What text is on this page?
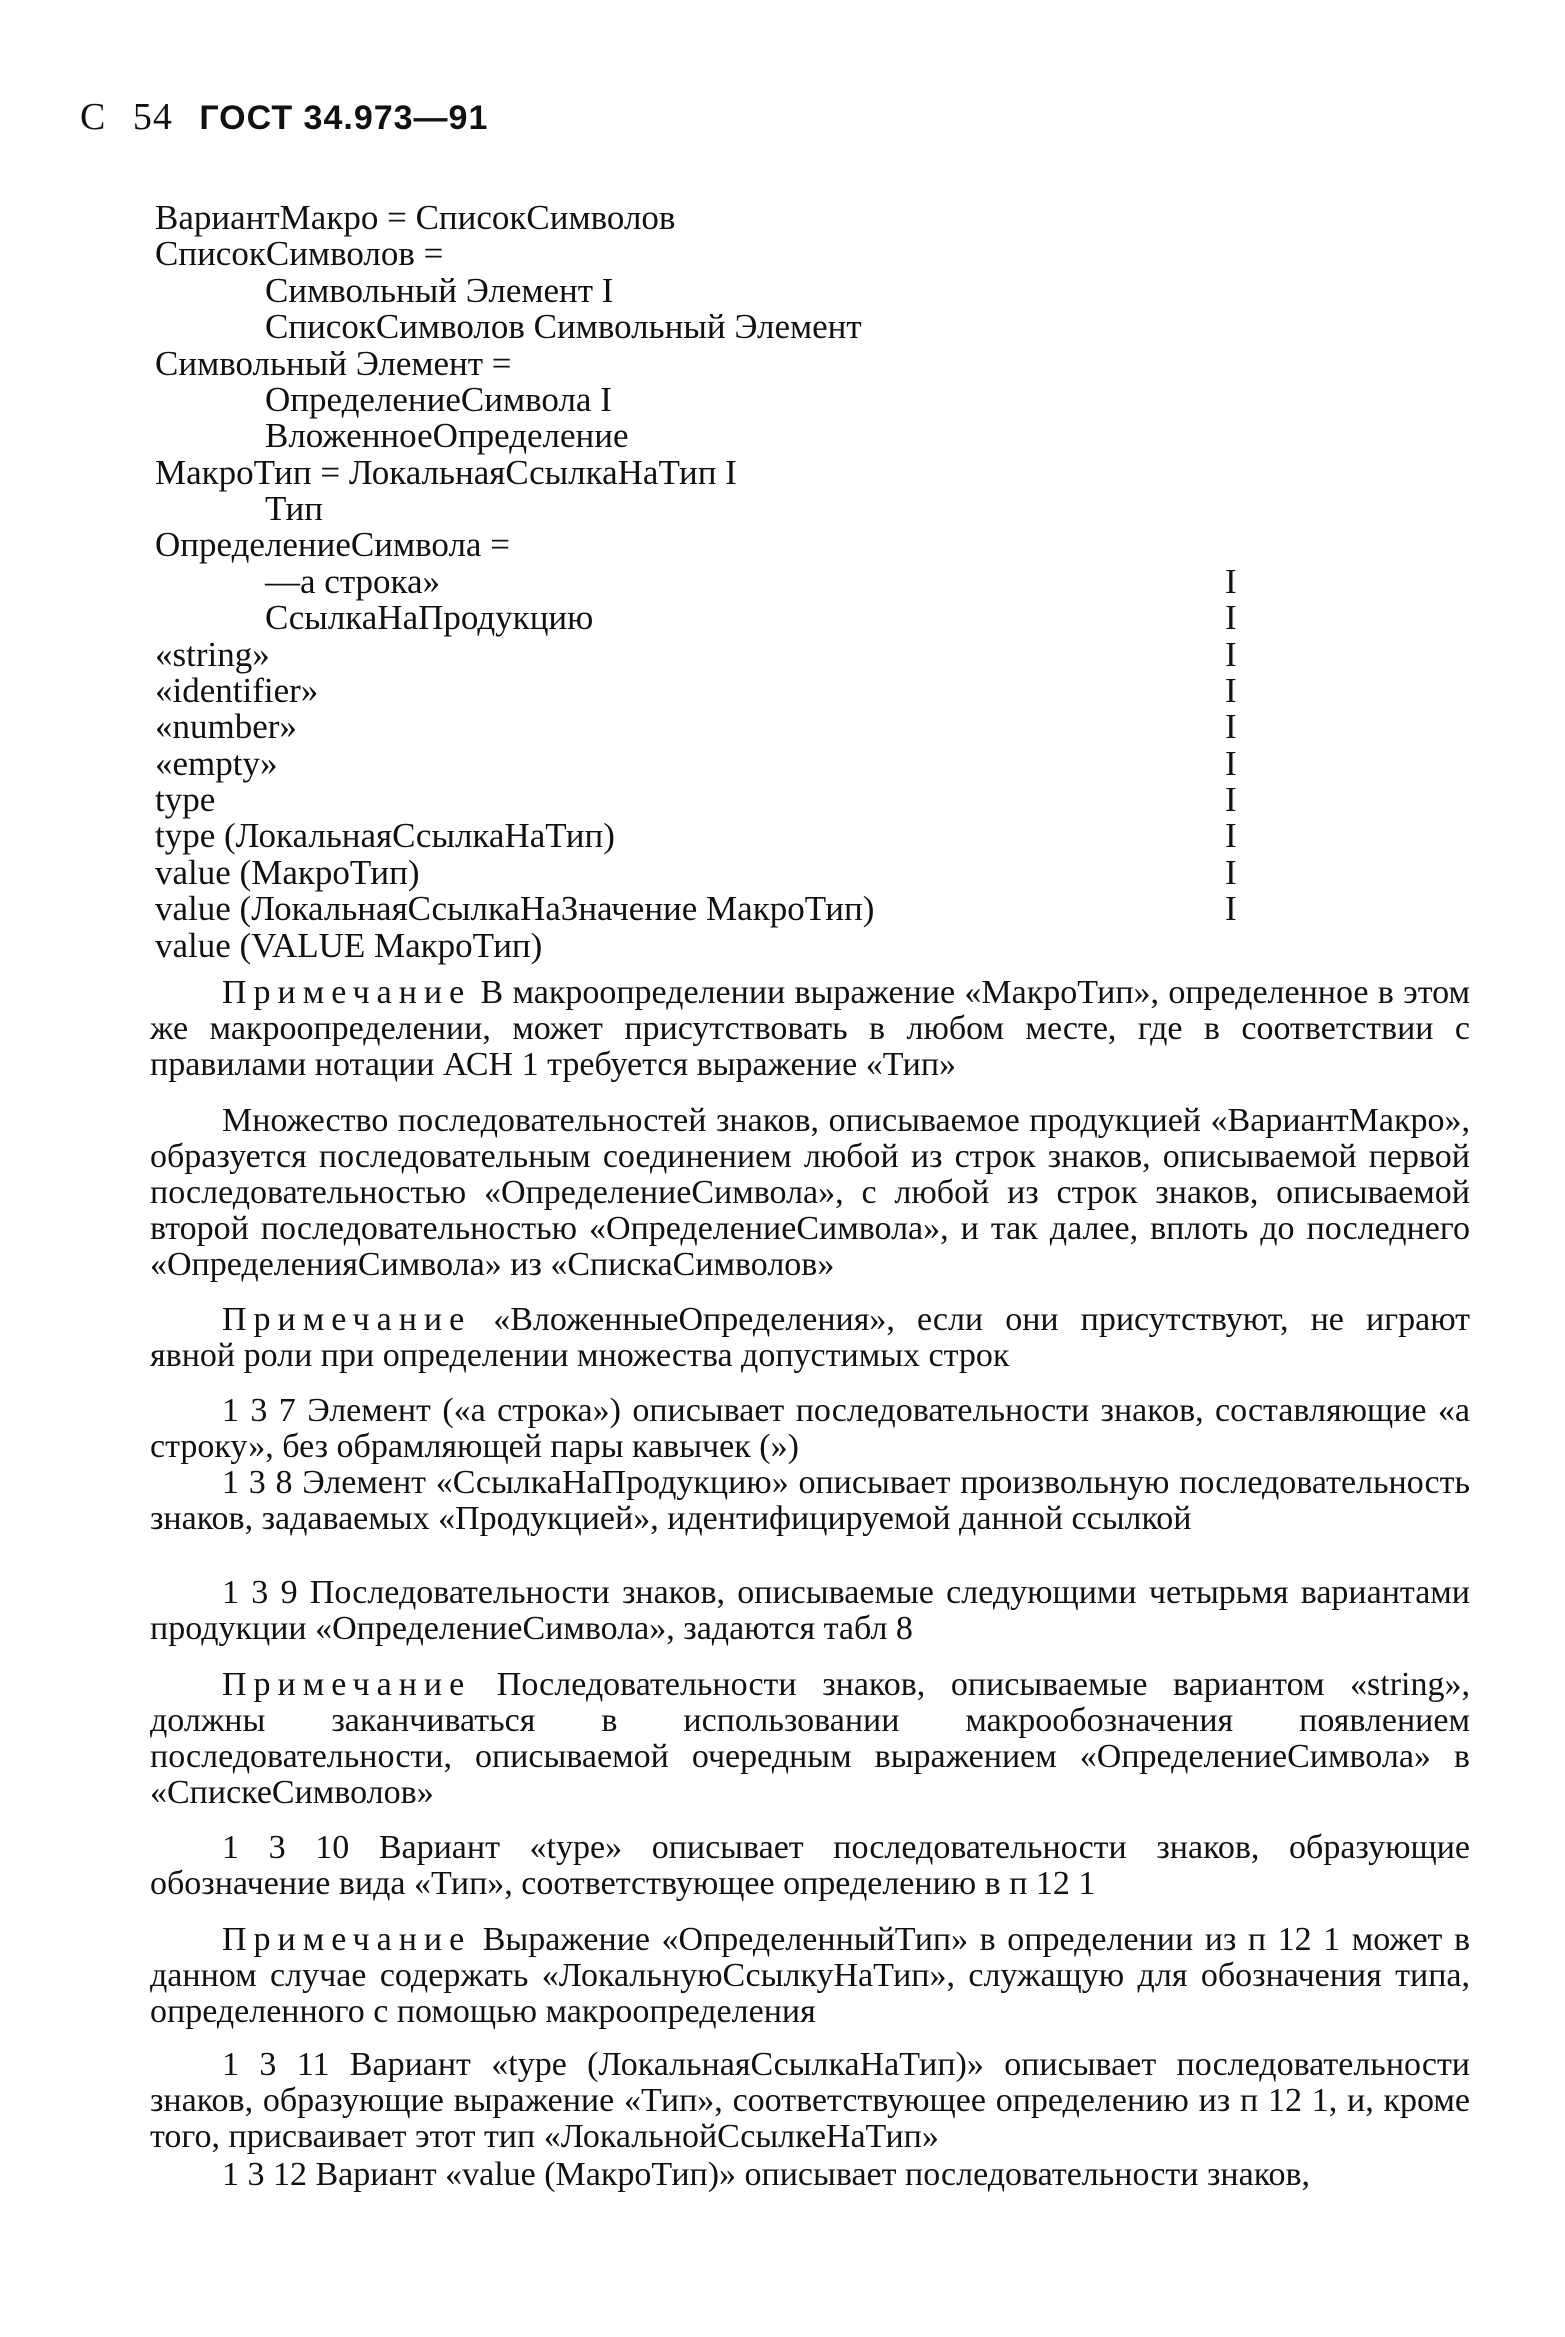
С 54 ГОСТ 34.973—91
ВариантМакро = СписокСимволов
СписокСимволов =
Символьный Элемент I
СписокСимволов Символьный Элемент
Символьный Элемент =
ОпределениеСимвола I
ВложенноеОпределение
МакроТип = ЛокальнаяСсылкаНаТип I
Тип
ОпределениеСимвола =
—а строка»
СсылкаНаПродукцию
«string»
«identifier»
«number»
«empty»
type
type (ЛокальнаяСсылкаНаТип)
value (МакроТип)
value (ЛокальнаяСсылкаНаЗначение МакроТип)
value (VALUE МакроТип)
I
I
I
I
I
I
I
I
I
I
Примечание В макроопределении выражение «МакроТип», определенное в этом же макроопределении, может присутствовать в любом месте, где в соответствии с правилами нотации АСН 1 требуется выражение «Тип»
Множество последовательностей знаков, описываемое продукцией «ВариантМакро», образуется последовательным соединением любой из строк знаков, описываемой первой последовательностью «ОпределениеСимвола», с любой из строк знаков, описываемой второй последовательностью «ОпределениеСимвола», и так далее, вплоть до последнего «ОпределенияСимвола» из «СпискаСимволов»
Примечание «ВложенныеОпределения», если они присутствуют, не играют явной роли при определении множества допустимых строк
1 3 7 Элемент («а строка») описывает последовательности знаков, составляющие «а строку», без обрамляющей пары кавычек (»)
1 3 8 Элемент «СсылкаНаПродукцию» описывает произвольную последовательность знаков, задаваемых «Продукцией», идентифицируемой данной ссылкой
1 3 9 Последовательности знаков, описываемые следующими четырьмя вариантами продукции «ОпределениеСимвола», задаются табл 8
Примечание Последовательности знаков, описываемые вариантом «string», должны заканчиваться в использовании макрообозначения появлением последовательности, описываемой очередным выражением «ОпределениеСимвола» в «СпискеСимволов»
1 3 10 Вариант «type» описывает последовательности знаков, образующие обозначение вида «Тип», соответствующее определению в п 12 1
Примечание Выражение «ОпределенныйТип» в определении из п 12 1 может в данном случае содержать «ЛокальнуюСсылкуНаТип», служащую для обозначения типа, определенного с помощью макроопределения
1 3 11 Вариант «type (ЛокальнаяСсылкаНаТип)» описывает последовательности знаков, образующие выражение «Тип», соответствующее определению из п 12 1, и, кроме того, присваивает этот тип «ЛокальнойСсылкеНаТип»
1 3 12 Вариант «value (МакроТип)» описывает последовательности знаков,
